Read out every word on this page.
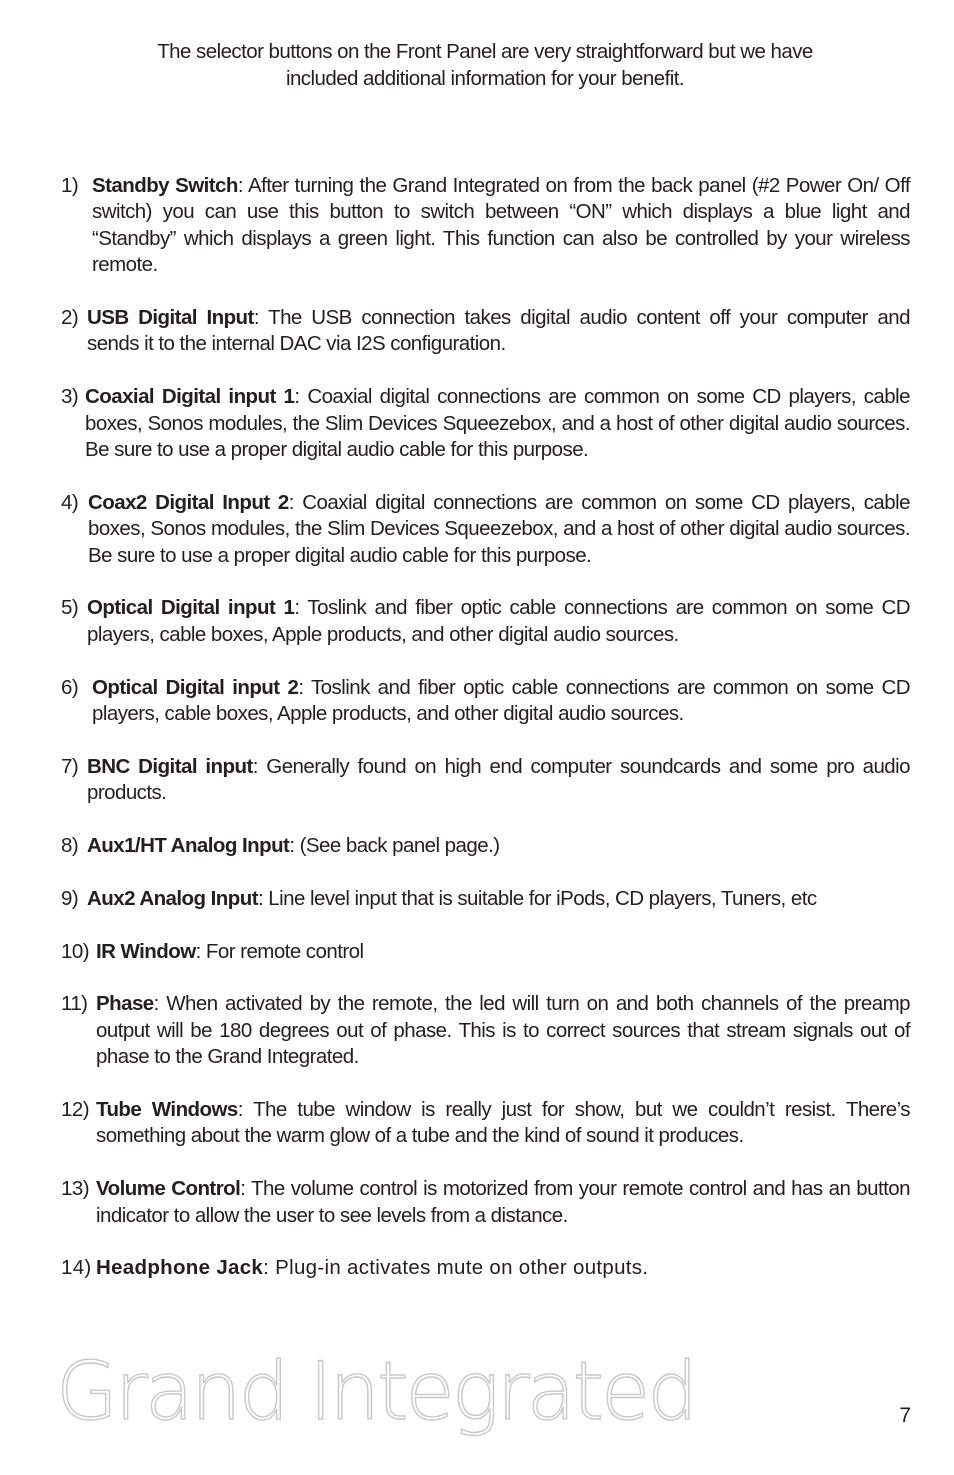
The selector buttons on the Front Panel are very straightforward but we have
included additional information for your benefit.
1) Standby Switch: After turning the Grand Integrated on from the back panel (#2 Power On/ Off switch) you can use this button to switch between “ON” which displays a blue light and “Standby” which displays a green light. This function can also be controlled by your wireless remote.
2) USB Digital Input: The USB connection takes digital audio content off your computer and sends it to the internal DAC via I2S configuration.
3) Coaxial Digital input 1: Coaxial digital connections are common on some CD players, cable boxes, Sonos modules, the Slim Devices Squeezebox, and a host of other digital audio sources. Be sure to use a proper digital audio cable for this purpose.
4) Coax2 Digital Input 2: Coaxial digital connections are common on some CD players, cable boxes, Sonos modules, the Slim Devices Squeezebox, and a host of other digital audio sources. Be sure to use a proper digital audio cable for this purpose.
5) Optical Digital input 1: Toslink and fiber optic cable connections are common on some CD players, cable boxes, Apple products, and other digital audio sources.
6) Optical Digital input 2: Toslink and fiber optic cable connections are common on some CD players, cable boxes, Apple products, and other digital audio sources.
7) BNC Digital input: Generally found on high end computer soundcards and some pro audio products.
8) Aux1/HT Analog Input: (See back panel page.)
9) Aux2 Analog Input: Line level input that is suitable for iPods, CD players, Tuners, etc
10) IR Window: For remote control
11) Phase: When activated by the remote, the led will turn on and both channels of the preamp output will be 180 degrees out of phase. This is to correct sources that stream signals out of phase to the Grand Integrated.
12) Tube Windows: The tube window is really just for show, but we couldn’t resist. There’s something about the warm glow of a tube and the kind of sound it produces.
13) Volume Control: The volume control is motorized from your remote control and has an button indicator to allow the user to see levels from a distance.
14) Headphone Jack: Plug-in activates mute on other outputs.
Grand Integrated	7
